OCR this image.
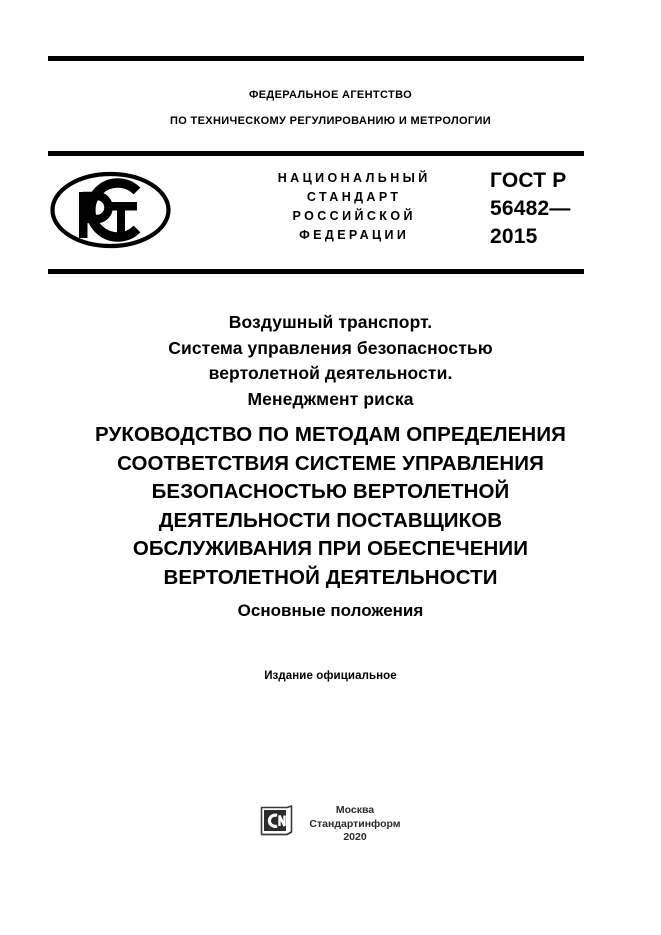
ФЕДЕРАЛЬНОЕ АГЕНТСТВО
ПО ТЕХНИЧЕСКОМУ РЕГУЛИРОВАНИЮ И МЕТРОЛОГИИ
НАЦИОНАЛЬНЫЙ
СТАНДАРТ
РОССИЙСКОЙ
ФЕДЕРАЦИИ
ГОСТ Р
56482—
2015
Воздушный транспорт.
Система управления безопасностью
вертолетной деятельности.
Менеджмент риска
РУКОВОДСТВО ПО МЕТОДАМ ОПРЕДЕЛЕНИЯ
СООТВЕТСТВИЯ СИСТЕМЕ УПРАВЛЕНИЯ
БЕЗОПАСНОСТЬЮ ВЕРТОЛЕТНОЙ
ДЕЯТЕЛЬНОСТИ ПОСТАВЩИКОВ
ОБСЛУЖИВАНИЯ ПРИ ОБЕСПЕЧЕНИИ
ВЕРТОЛЕТНОЙ ДЕЯТЕЛЬНОСТИ
Основные положения
Издание официальное
Москва
Стандартинформ
2020
